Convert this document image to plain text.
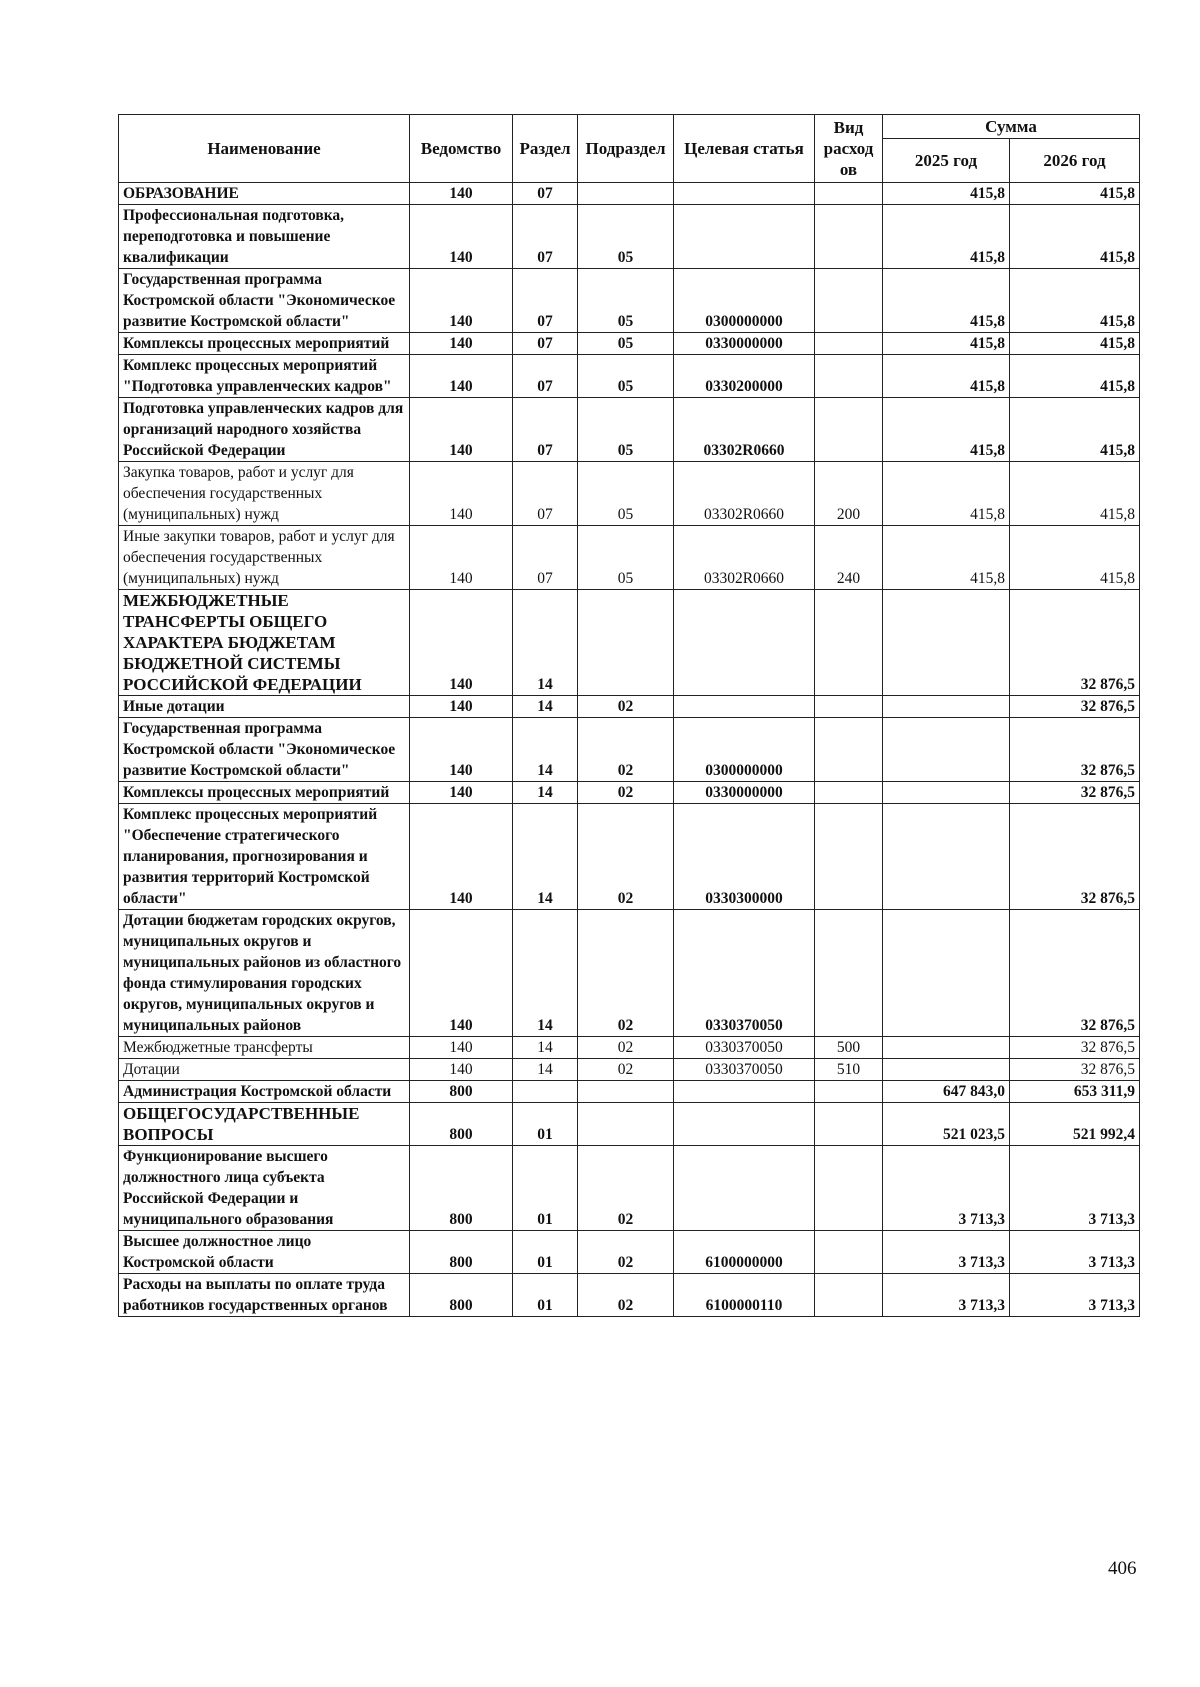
Наименование	Ведомство	Раздел	Подраздел	Целевая статья	Вид расход ов	Сумма	
						2025 год	2026 год
ОБРАЗОВАНИЕ	140	07				415,8	415,8
Профессиональная подготовка, переподготовка и повышение квалификации	140	07	05			415,8	415,8
Государственная программа Костромской области "Экономическое развитие Костромской области"	140	07	05	0300000000		415,8	415,8
Комплексы процессных мероприятий	140	07	05	0330000000		415,8	415,8
Комплекс процессных мероприятий "Подготовка управленческих кадров"	140	07	05	0330200000		415,8	415,8
Подготовка управленческих кадров для организаций народного хозяйства Российской Федерации	140	07	05	03302R0660		415,8	415,8
Закупка товаров, работ и услуг для обеспечения государственных (муниципальных) нужд	140	07	05	03302R0660	200	415,8	415,8
Иные закупки товаров, работ и услуг для обеспечения государственных (муниципальных) нужд	140	07	05	03302R0660	240	415,8	415,8
МЕЖБЮДЖЕТНЫЕ ТРАНСФЕРТЫ ОБЩЕГО ХАРАКТЕРА БЮДЖЕТАМ БЮДЖЕТНОЙ СИСТЕМЫ РОССИЙСКОЙ ФЕДЕРАЦИИ	140	14					32 876,5
Иные дотации	140	14	02				32 876,5
Государственная программа Костромской области "Экономическое развитие Костромской области"	140	14	02	0300000000			32 876,5
Комплексы процессных мероприятий	140	14	02	0330000000			32 876,5
Комплекс процессных мероприятий "Обеспечение стратегического планирования, прогнозирования и развития территорий Костромской области"	140	14	02	0330300000			32 876,5
Дотации бюджетам городских округов, муниципальных округов и муниципальных районов из областного фонда стимулирования городских округов, муниципальных округов и муниципальных районов	140	14	02	0330370050			32 876,5
Межбюджетные трансферты	140	14	02	0330370050	500		32 876,5
Дотации	140	14	02	0330370050	510		32 876,5
Администрация Костромской области	800					647 843,0	653 311,9
ОБЩЕГОСУДАРСТВЕННЫЕ ВОПРОСЫ	800	01				521 023,5	521 992,4
Функционирование высшего должностного лица субъекта Российской Федерации и муниципального образования	800	01	02			3 713,3	3 713,3
Высшее должностное лицо Костромской области	800	01	02	6100000000		3 713,3	3 713,3
Расходы на выплаты по оплате труда работников государственных органов	800	01	02	6100000110		3 713,3	3 713,3
406
